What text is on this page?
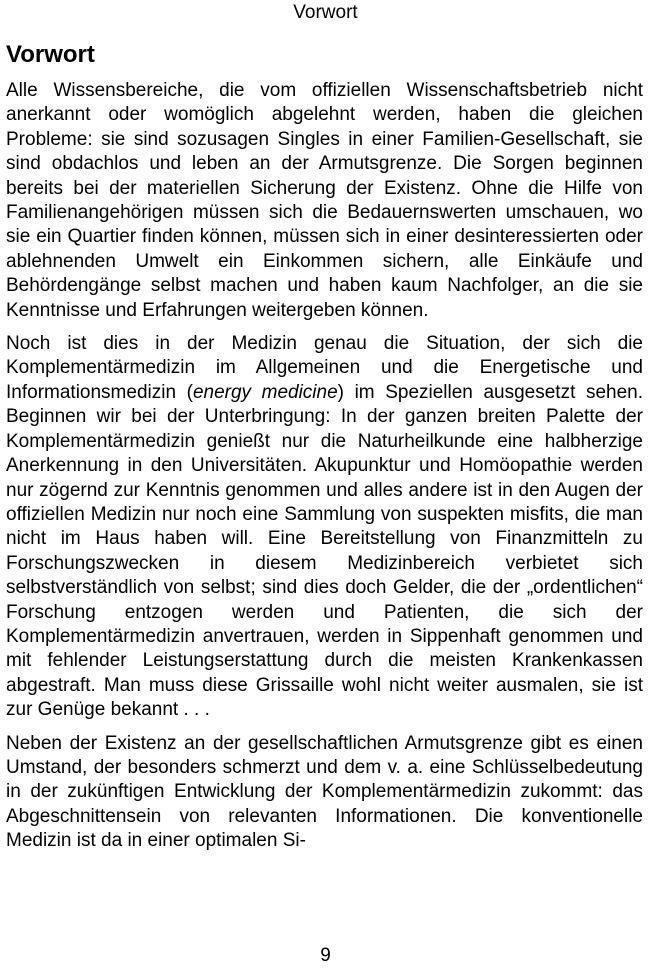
Vorwort
Vorwort

Alle Wissensbereiche, die vom offiziellen Wissenschaftsbetrieb nicht anerkannt oder womöglich abgelehnt werden, haben die gleichen Probleme: sie sind sozusagen Singles in einer Familien-Gesellschaft, sie sind obdachlos und leben an der Armutsgrenze. Die Sorgen beginnen bereits bei der materiellen Sicherung der Existenz. Ohne die Hilfe von Familienangehörigen müssen sich die Bedauernswerten umschauen, wo sie ein Quartier finden können, müssen sich in einer desinteressierten oder ablehnenden Umwelt ein Einkommen sichern, alle Einkäufe und Behördengänge selbst machen und haben kaum Nachfolger, an die sie Kenntnisse und Erfahrungen weitergeben können.

Noch ist dies in der Medizin genau die Situation, der sich die Komplementärmedizin im Allgemeinen und die Energetische und Informationsmedizin (energy medicine) im Speziellen ausgesetzt sehen. Beginnen wir bei der Unterbringung: In der ganzen breiten Palette der Komplementärmedizin genießt nur die Naturheilkunde eine halbherzige Anerkennung in den Universitäten. Akupunktur und Homöopathie werden nur zögernd zur Kenntnis genommen und alles andere ist in den Augen der offiziellen Medizin nur noch eine Sammlung von suspekten misfits, die man nicht im Haus haben will. Eine Bereitstellung von Finanzmitteln zu Forschungszwecken in diesem Medizinbereich verbietet sich selbstverständlich von selbst; sind dies doch Gelder, die der „ordentlichen“ Forschung entzogen werden und Patienten, die sich der Komplementärmedizin anvertrauen, werden in Sippenhaft genommen und mit fehlender Leistungserstattung durch die meisten Krankenkassen abgestraft. Man muss diese Grissaille wohl nicht weiter ausmalen, sie ist zur Genüge bekannt . . .

Neben der Existenz an der gesellschaftlichen Armutsgrenze gibt es einen Umstand, der besonders schmerzt und dem v. a. eine Schlüsselbedeutung in der zukünftigen Entwicklung der Komplementärmedizin zukommt: das Abgeschnittensein von relevanten Informationen. Die konventionelle Medizin ist da in einer optimalen Si-

9
